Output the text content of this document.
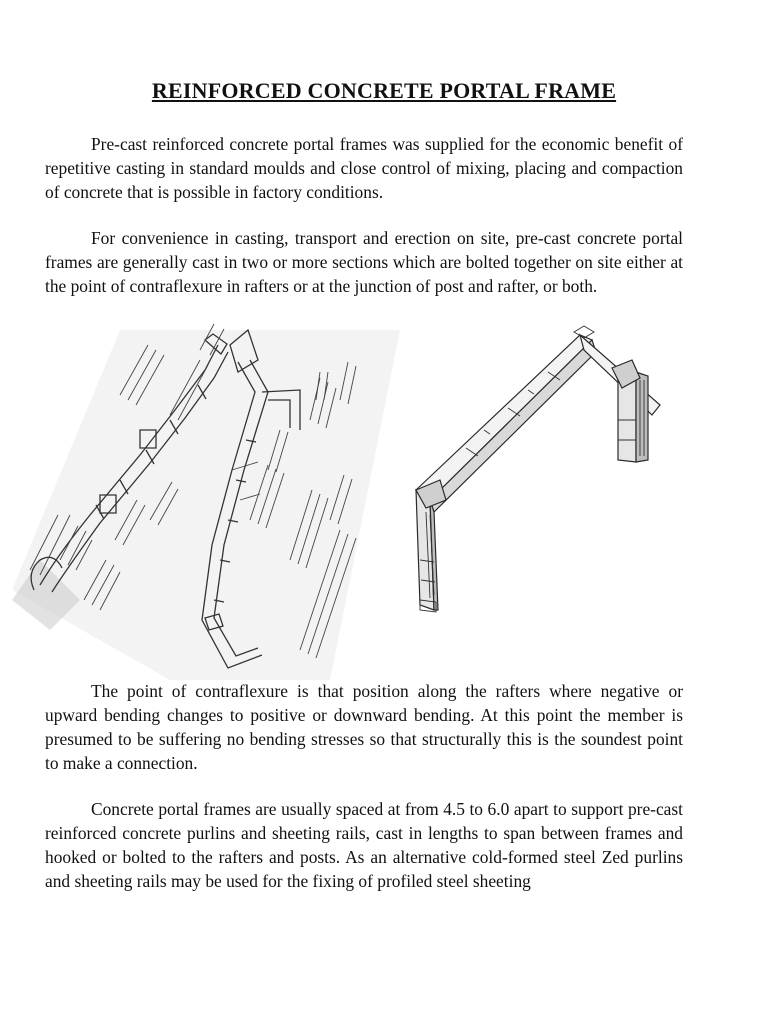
REINFORCED CONCRETE PORTAL FRAME

Pre-cast reinforced concrete portal frames was supplied for the economic benefit of repetitive casting in standard moulds and close control of mixing, placing and compaction of concrete that is possible in factory conditions.

For convenience in casting, transport and erection on site, pre-cast concrete portal frames are generally cast in two or more sections which are bolted together on site either at the point of contraflexure in rafters or at the junction of post and rafter, or both.

The point of contraflexure is that position along the rafters where negative or upward bending changes to positive or downward bending. At this point the member is presumed to be suffering no bending stresses so that structurally this is the soundest point to make a connection.

Concrete portal frames are usually spaced at from 4.5 to 6.0 apart to support pre-cast reinforced concrete purlins and sheeting rails, cast in lengths to span between frames and hooked or bolted to the rafters and posts. As an alternative cold-formed steel Zed purlins and sheeting rails may be used for the fixing of profiled steel sheeting
